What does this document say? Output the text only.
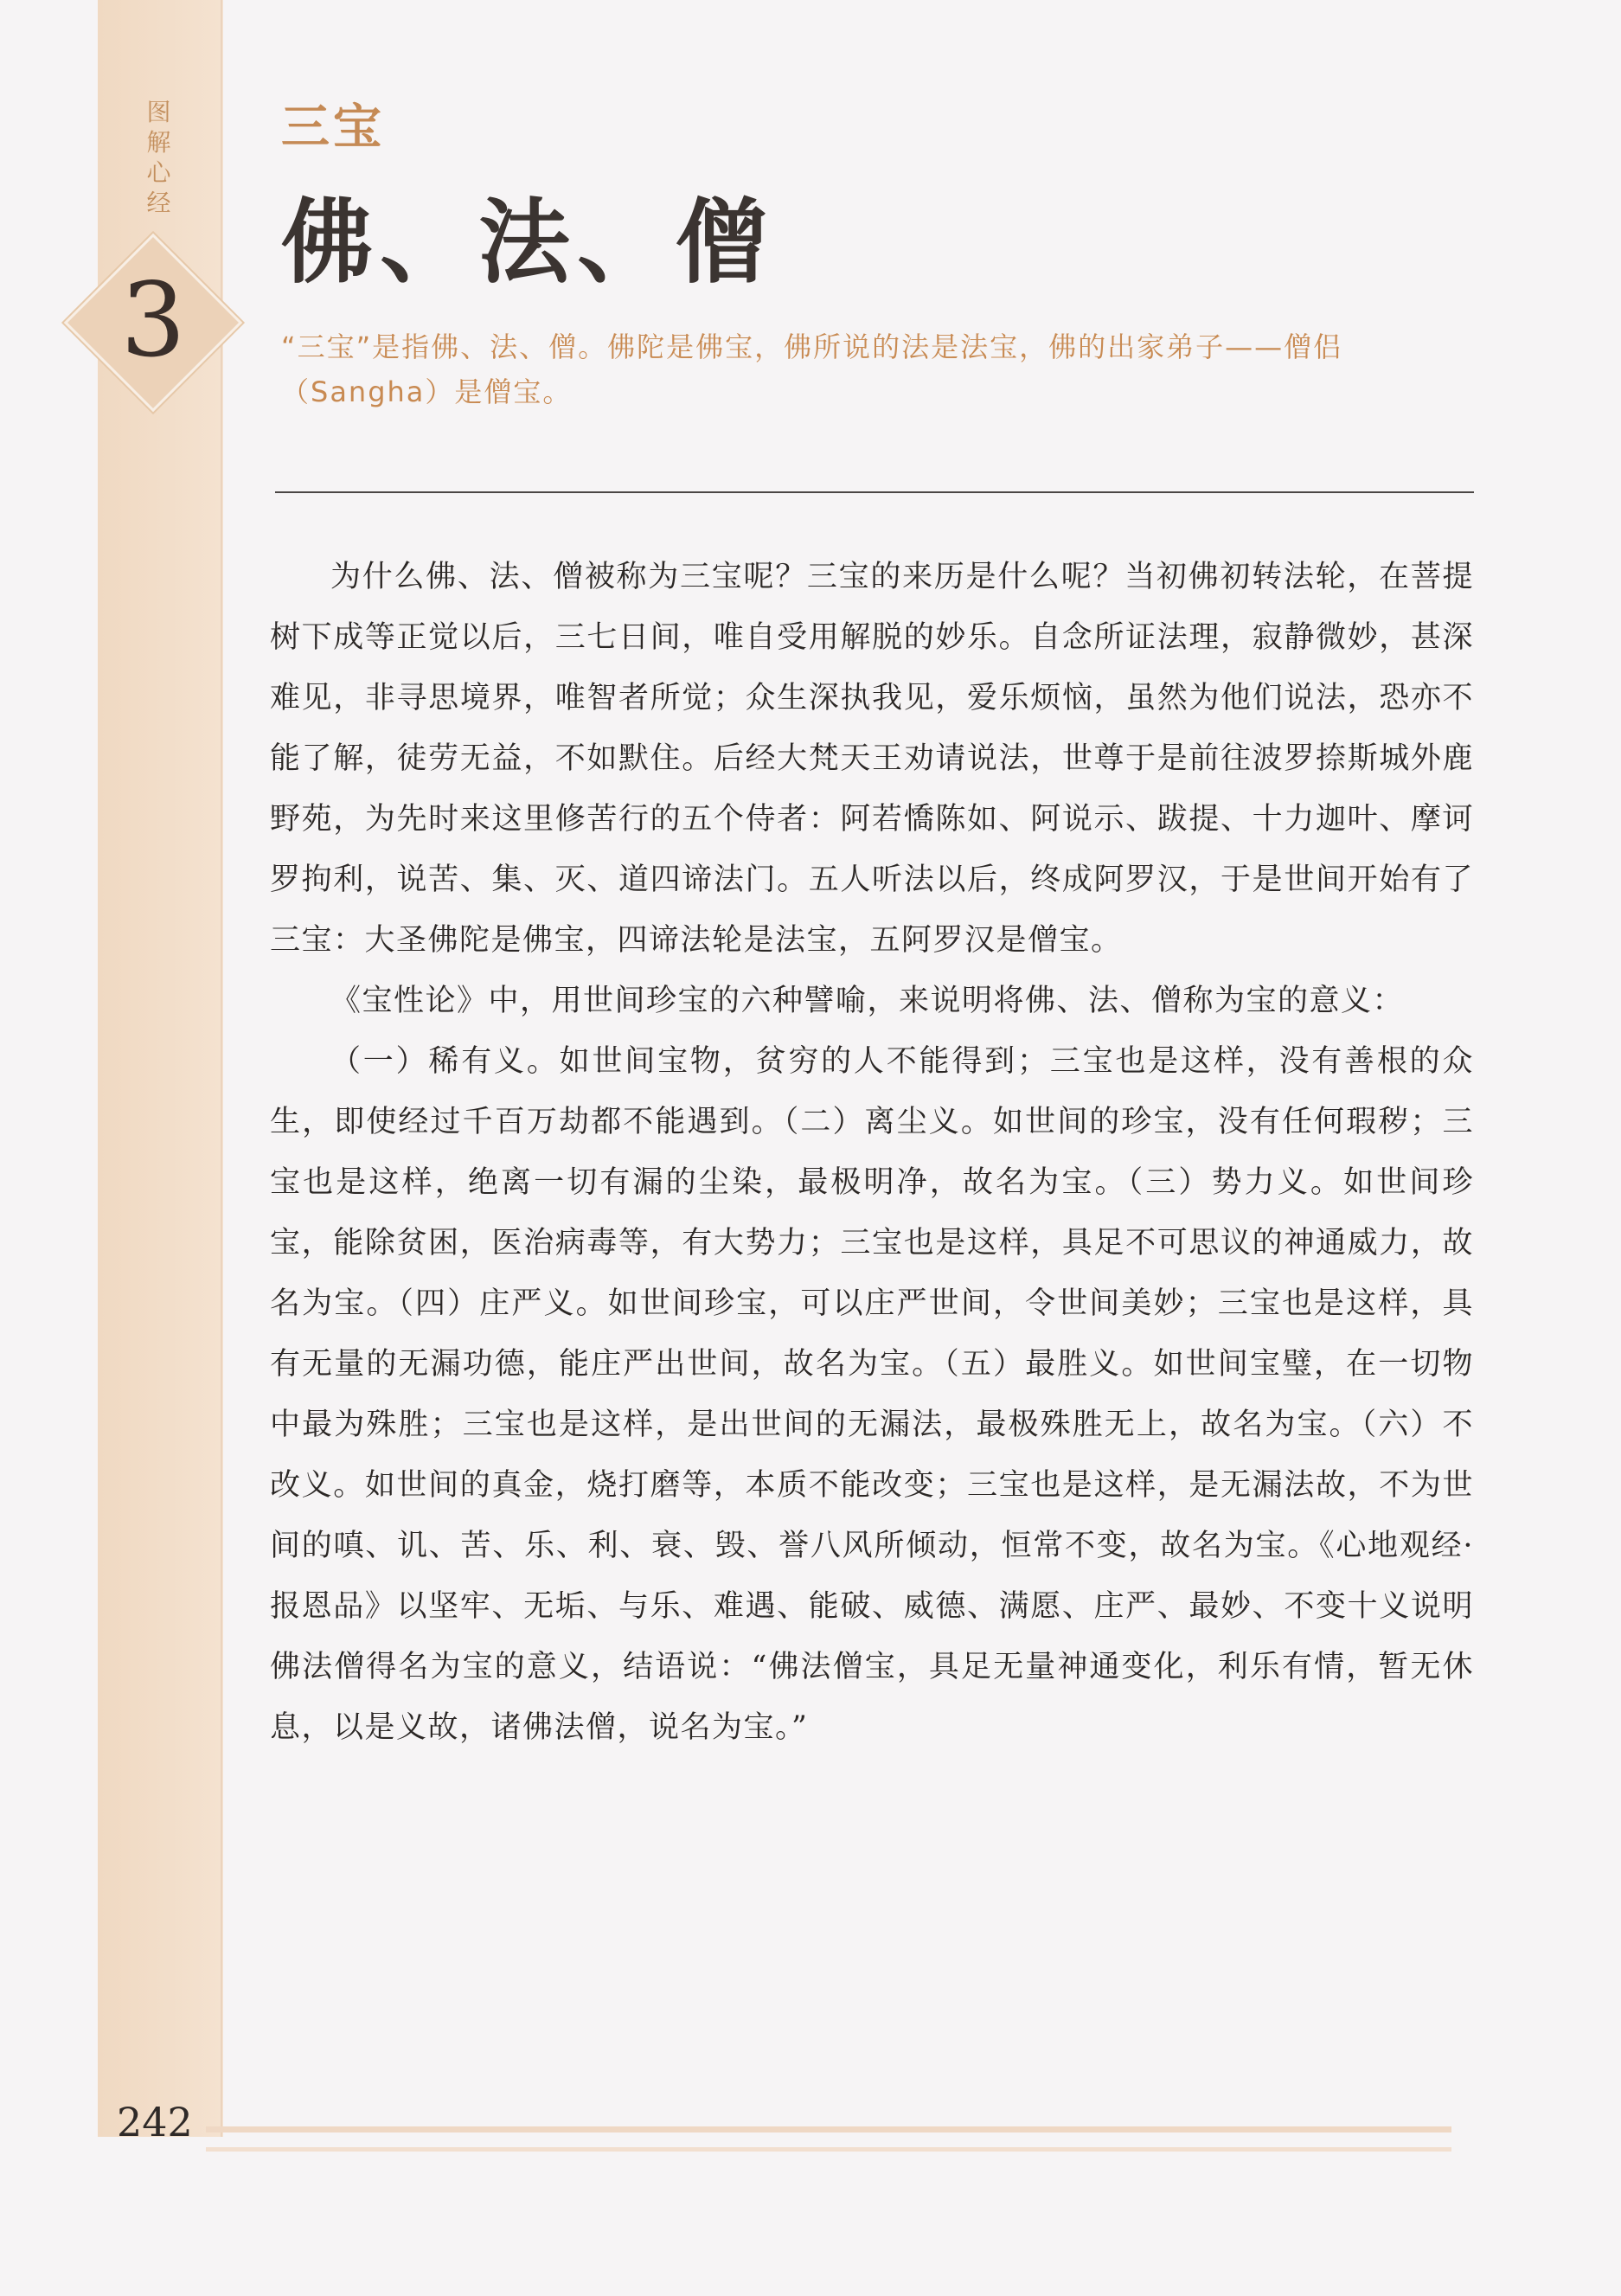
图解心经
3
三宝
佛、法、僧
“三宝”是指佛、法、僧。佛陀是佛宝，佛所说的法是法宝，佛的出家弟子——僧侣（Sangha）是僧宝。

为什么佛、法、僧被称为三宝呢？三宝的来历是什么呢？当初佛初转法轮，在菩提树下成等正觉以后，三七日间，唯自受用解脱的妙乐。自念所证法理，寂静微妙，甚深难见，非寻思境界，唯智者所觉；众生深执我见，爱乐烦恼，虽然为他们说法，恐亦不能了解，徒劳无益，不如默住。后经大梵天王劝请说法，世尊于是前往波罗捺斯城外鹿野苑，为先时来这里修苦行的五个侍者：阿若憍陈如、阿说示、跋提、十力迦叶、摩诃罗拘利，说苦、集、灭、道四谛法门。五人听法以后，终成阿罗汉，于是世间开始有了三宝：大圣佛陀是佛宝，四谛法轮是法宝，五阿罗汉是僧宝。

《宝性论》中，用世间珍宝的六种譬喻，来说明将佛、法、僧称为宝的意义：

（一）稀有义。如世间宝物，贫穷的人不能得到；三宝也是这样，没有善根的众生，即使经过千百万劫都不能遇到。（二）离尘义。如世间的珍宝，没有任何瑕秽；三宝也是这样，绝离一切有漏的尘染，最极明净，故名为宝。（三）势力义。如世间珍宝，能除贫困，医治病毒等，有大势力；三宝也是这样，具足不可思议的神通威力，故名为宝。（四）庄严义。如世间珍宝，可以庄严世间，令世间美妙；三宝也是这样，具有无量的无漏功德，能庄严出世间，故名为宝。（五）最胜义。如世间宝璧，在一切物中最为殊胜；三宝也是这样，是出世间的无漏法，最极殊胜无上，故名为宝。（六）不改义。如世间的真金，烧打磨等，本质不能改变；三宝也是这样，是无漏法故，不为世间的嗔、讥、苦、乐、利、衰、毁、誉八风所倾动，恒常不变，故名为宝。《心地观经·报恩品》以坚牢、无垢、与乐、难遇、能破、威德、满愿、庄严、最妙、不变十义说明佛法僧得名为宝的意义，结语说：“佛法僧宝，具足无量神通变化，利乐有情，暂无休息，以是义故，诸佛法僧，说名为宝。”

242
